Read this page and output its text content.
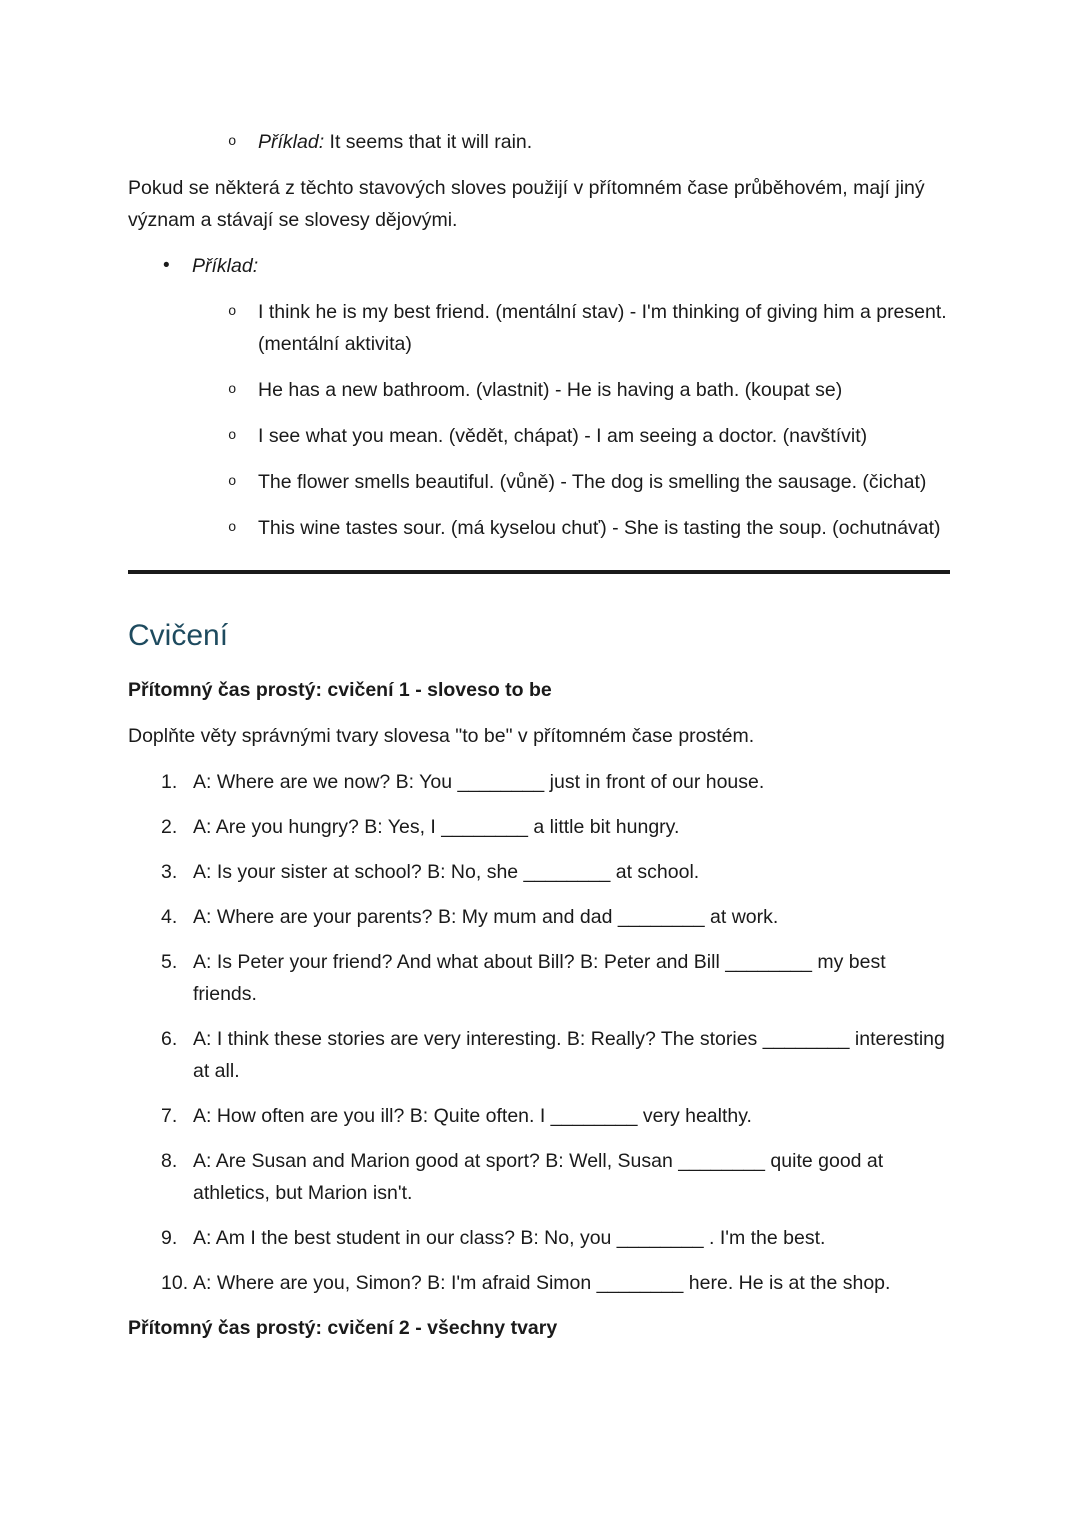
o	Příklad: It seems that it will rain.

Pokud se některá z těchto stavových sloves použijí v přítomném čase průběhovém, mají jiný význam a stávají se slovesy dějovými.

•	Příklad:
o	I think he is my best friend. (mentální stav) - I'm thinking of giving him a present. (mentální aktivita)
o	He has a new bathroom. (vlastnit) - He is having a bath. (koupat se)
o	I see what you mean. (vědět, chápat) - I am seeing a doctor. (navštívit)
o	The flower smells beautiful. (vůně) - The dog is smelling the sausage. (čichat)
o	This wine tastes sour. (má kyselou chuť) - She is tasting the soup. (ochutnávat)
Cvičení
Přítomný čas prostý: cvičení 1 - sloveso to be

Doplňte věty správnými tvary slovesa "to be" v přítomném čase prostém.

1. A: Where are we now? B: You ________ just in front of our house.
2. A: Are you hungry? B: Yes, I ________ a little bit hungry.
3. A: Is your sister at school? B: No, she ________ at school.
4. A: Where are your parents? B: My mum and dad ________ at work.
5. A: Is Peter your friend? And what about Bill? B: Peter and Bill ________ my best friends.
6. A: I think these stories are very interesting. B: Really? The stories ________ interesting at all.
7. A: How often are you ill? B: Quite often. I ________ very healthy.
8. A: Are Susan and Marion good at sport? B: Well, Susan ________ quite good at athletics, but Marion isn't.
9. A: Am I the best student in our class? B: No, you ________ . I'm the best.
10. A: Where are you, Simon? B: I'm afraid Simon ________ here. He is at the shop.
Přítomný čas prostý: cvičení 2 - všechny tvary
